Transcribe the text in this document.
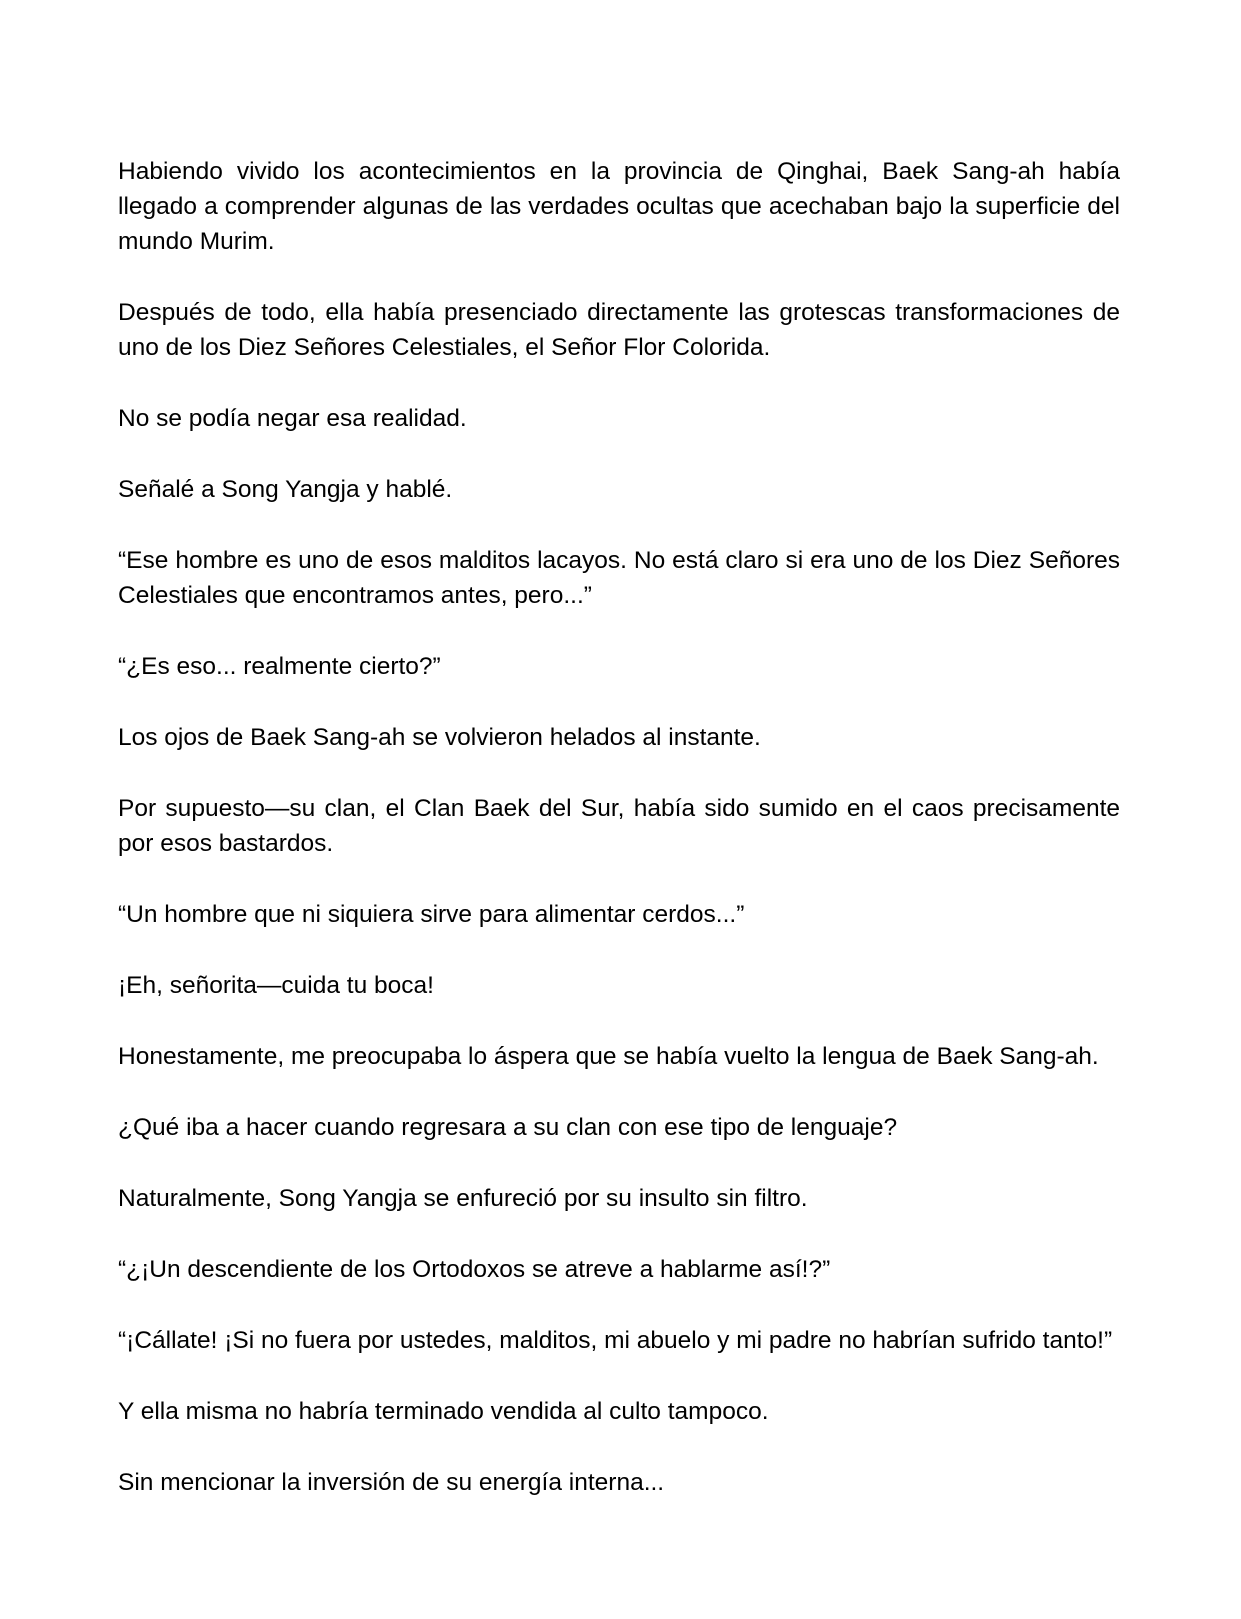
Habiendo vivido los acontecimientos en la provincia de Qinghai, Baek Sang-ah había llegado a comprender algunas de las verdades ocultas que acechaban bajo la superficie del mundo Murim.

Después de todo, ella había presenciado directamente las grotescas transformaciones de uno de los Diez Señores Celestiales, el Señor Flor Colorida.

No se podía negar esa realidad.

Señalé a Song Yangja y hablé.

“Ese hombre es uno de esos malditos lacayos. No está claro si era uno de los Diez Señores Celestiales que encontramos antes, pero...”

“¿Es eso... realmente cierto?”

Los ojos de Baek Sang-ah se volvieron helados al instante.

Por supuesto—su clan, el Clan Baek del Sur, había sido sumido en el caos precisamente por esos bastardos.

“Un hombre que ni siquiera sirve para alimentar cerdos...”

¡Eh, señorita—cuida tu boca!

Honestamente, me preocupaba lo áspera que se había vuelto la lengua de Baek Sang-ah.

¿Qué iba a hacer cuando regresara a su clan con ese tipo de lenguaje?

Naturalmente, Song Yangja se enfureció por su insulto sin filtro.

“¿¡Un descendiente de los Ortodoxos se atreve a hablarme así!?”

“¡Cállate! ¡Si no fuera por ustedes, malditos, mi abuelo y mi padre no habrían sufrido tanto!”

Y ella misma no habría terminado vendida al culto tampoco.

Sin mencionar la inversión de su energía interna...
